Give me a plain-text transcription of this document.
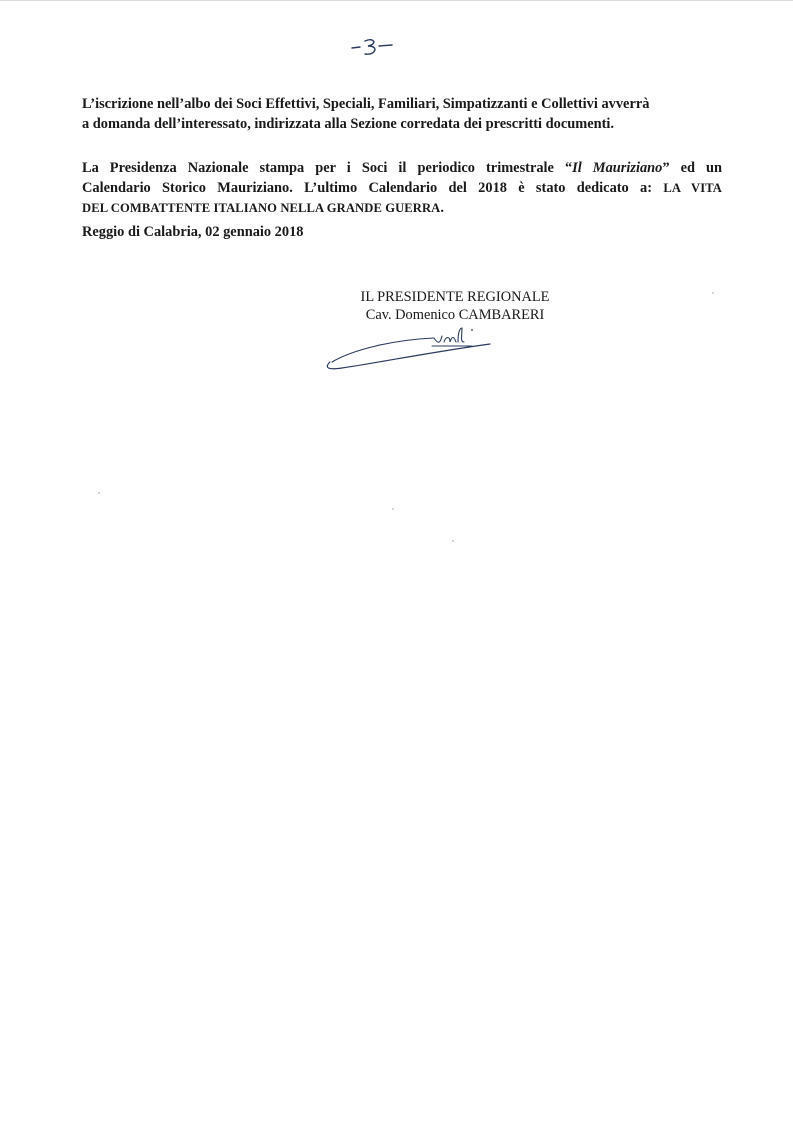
L’iscrizione nell’albo dei Soci Effettivi, Speciali, Familiari, Simpatizzanti e Collettivi avverrà
a domanda dell’interessato, indirizzata alla Sezione corredata dei prescritti documenti.

La Presidenza Nazionale stampa per i Soci il periodico trimestrale “Il Mauriziano” ed un
Calendario Storico Mauriziano. L’ultimo Calendario del 2018 è stato dedicato a: LA VITA
DEL COMBATTENTE ITALIANO NELLA GRANDE GUERRA.

Reggio di Calabria, 02 gennaio 2018

IL PRESIDENTE REGIONALE
Cav. Domenico CAMBARERI
